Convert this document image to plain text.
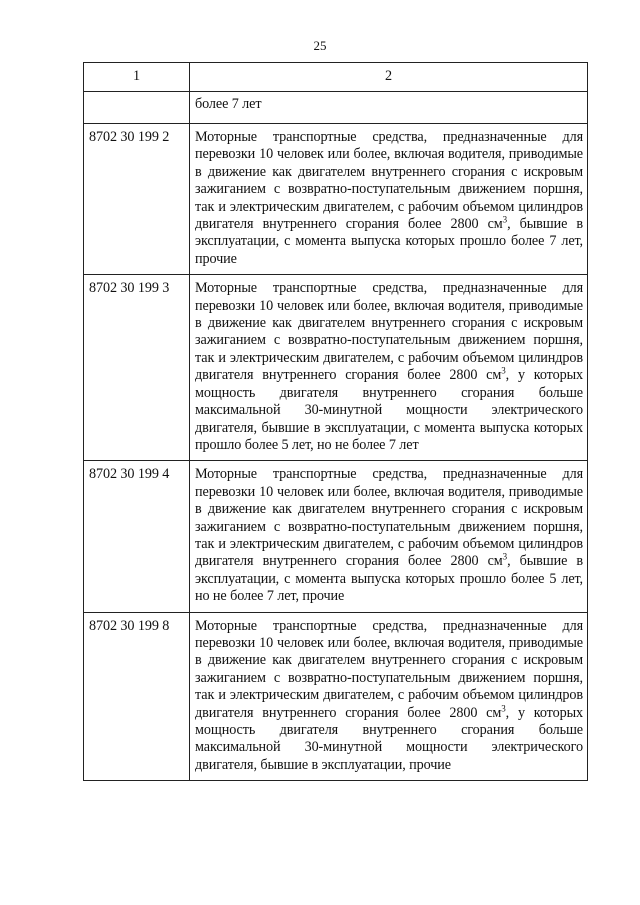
25
1	2
	более 7 лет
8702 30 199 2	Моторные транспортные средства, предназначенные для перевозки 10 человек или более, включая водителя, приводимые в движение как двигателем внутреннего сгорания с искровым зажиганием с возвратно-поступательным движением поршня, так и электрическим двигателем, с рабочим объемом цилиндров двигателя внутреннего сгорания более 2800 $см^3$, бывшие в эксплуатации, с момента выпуска которых прошло более 7 лет, прочие
8702 30 199 3	Моторные транспортные средства, предназначенные для перевозки 10 человек или более, включая водителя, приводимые в движение как двигателем внутреннего сгорания с искровым зажиганием с возвратно-поступательным движением поршня, так и электрическим двигателем, с рабочим объемом цилиндров двигателя внутреннего сгорания более 2800 $см^3$, у которых мощность двигателя внутреннего сгорания больше максимальной 30-минутной мощности электрического двигателя, бывшие в эксплуатации, с момента выпуска которых прошло более 5 лет, но не более 7 лет
8702 30 199 4	Моторные транспортные средства, предназначенные для перевозки 10 человек или более, включая водителя, приводимые в движение как двигателем внутреннего сгорания с искровым зажиганием с возвратно-поступательным движением поршня, так и электрическим двигателем, с рабочим объемом цилиндров двигателя внутреннего сгорания более 2800 $см^3$, бывшие в эксплуатации, с момента выпуска которых прошло более 5 лет, но не более 7 лет, прочие
8702 30 199 8	Моторные транспортные средства, предназначенные для перевозки 10 человек или более, включая водителя, приводимые в движение как двигателем внутреннего сгорания с искровым зажиганием с возвратно-поступательным движением поршня, так и электрическим двигателем, с рабочим объемом цилиндров двигателя внутреннего сгорания более 2800 $см^3$, у которых мощность двигателя внутреннего сгорания больше максимальной 30-минутной мощности электрического двигателя, бывшие в эксплуатации, прочие
